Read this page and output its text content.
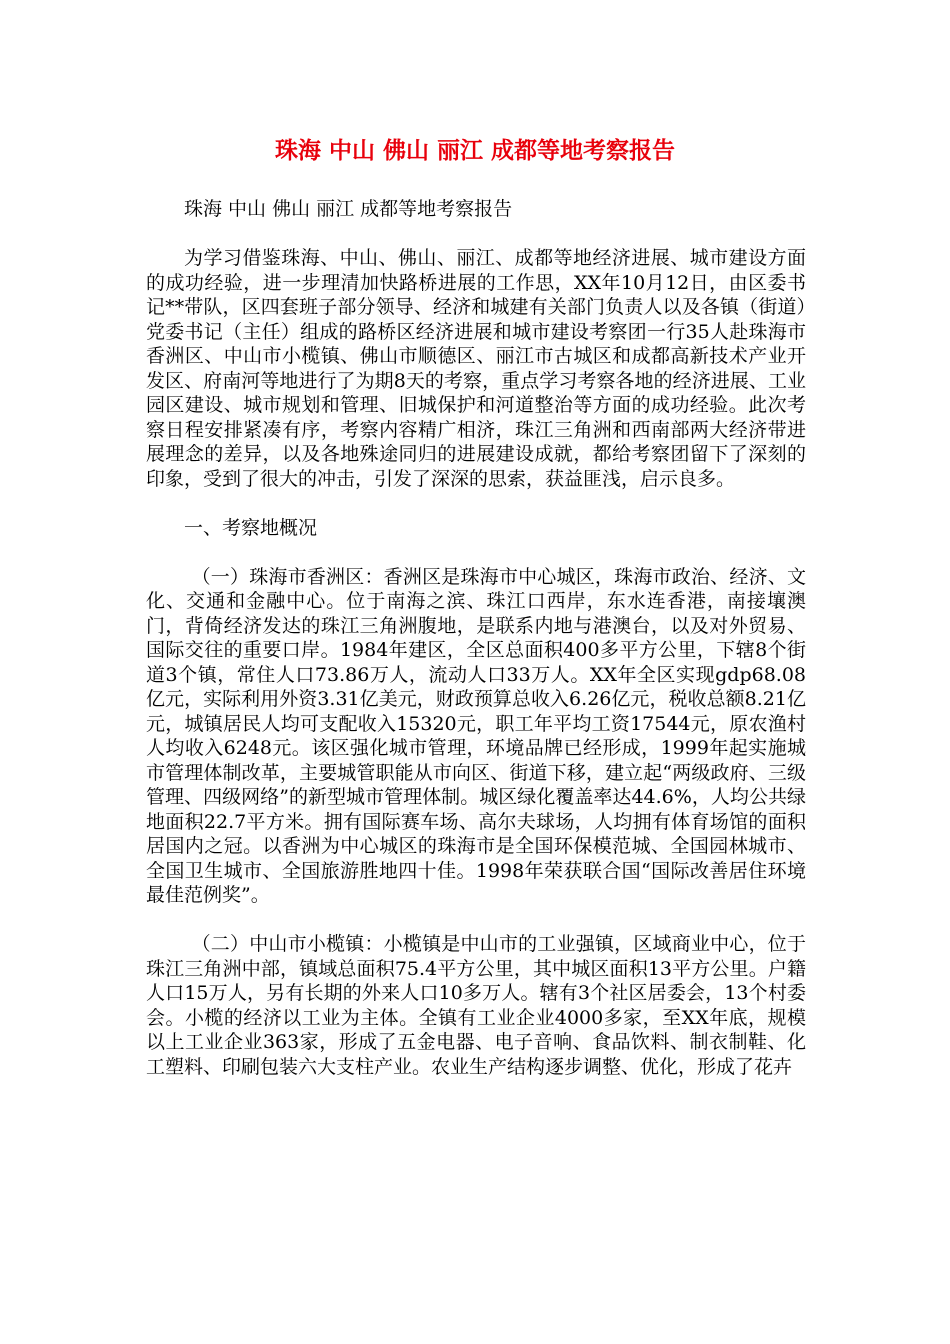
珠海 中山 佛山 丽江 成都等地考察报告

珠海 中山 佛山 丽江 成都等地考察报告

为学习借鉴珠海、中山、佛山、丽江、成都等地经济进展、城市建设方面的成功经验，进一步理清加快路桥进展的工作思，XX年10月12日，由区委书记**带队，区四套班子部分领导、经济和城建有关部门负责人以及各镇（街道）党委书记（主任）组成的路桥区经济进展和城市建设考察团一行35人赴珠海市香洲区、中山市小榄镇、佛山市顺德区、丽江市古城区和成都高新技术产业开发区、府南河等地进行了为期8天的考察，重点学习考察各地的经济进展、工业园区建设、城市规划和管理、旧城保护和河道整治等方面的成功经验。此次考察日程安排紧凑有序，考察内容精广相济，珠江三角洲和西南部两大经济带进展理念的差异，以及各地殊途同归的进展建设成就，都给考察团留下了深刻的印象，受到了很大的冲击，引发了深深的思索，获益匪浅，启示良多。

一、考察地概况

（一）珠海市香洲区：香洲区是珠海市中心城区，珠海市政治、经济、文化、交通和金融中心。位于南海之滨、珠江口西岸，东水连香港，南接壤澳门，背倚经济发达的珠江三角洲腹地，是联系内地与港澳台，以及对外贸易、国际交往的重要口岸。1984年建区，全区总面积400多平方公里，下辖8个街道3个镇，常住人口73.86万人，流动人口33万人。XX年全区实现gdp68.08亿元，实际利用外资3.31亿美元，财政预算总收入6.26亿元，税收总额8.21亿元，城镇居民人均可支配收入15320元，职工年平均工资17544元，原农渔村人均收入6248元。该区强化城市管理，环境品牌已经形成，1999年起实施城市管理体制改革，主要城管职能从市向区、街道下移，建立起“两级政府、三级管理、四级网络”的新型城市管理体制。城区绿化覆盖率达44.6%，人均公共绿地面积22.7平方米。拥有国际赛车场、高尔夫球场，人均拥有体育场馆的面积居国内之冠。以香洲为中心城区的珠海市是全国环保模范城、全国园林城市、全国卫生城市、全国旅游胜地四十佳。1998年荣获联合国“国际改善居住环境最佳范例奖”。

（二）中山市小榄镇：小榄镇是中山市的工业强镇，区域商业中心，位于珠江三角洲中部，镇域总面积75.4平方公里，其中城区面积13平方公里。户籍人口15万人，另有长期的外来人口10多万人。辖有3个社区居委会，13个村委会。小榄的经济以工业为主体。全镇有工业企业4000多家，至XX年底，规模以上工业企业363家，形成了五金电器、电子音响、食品饮料、制衣制鞋、化工塑料、印刷包装六大支柱产业。农业生产结构逐步调整、优化，形成了花卉
